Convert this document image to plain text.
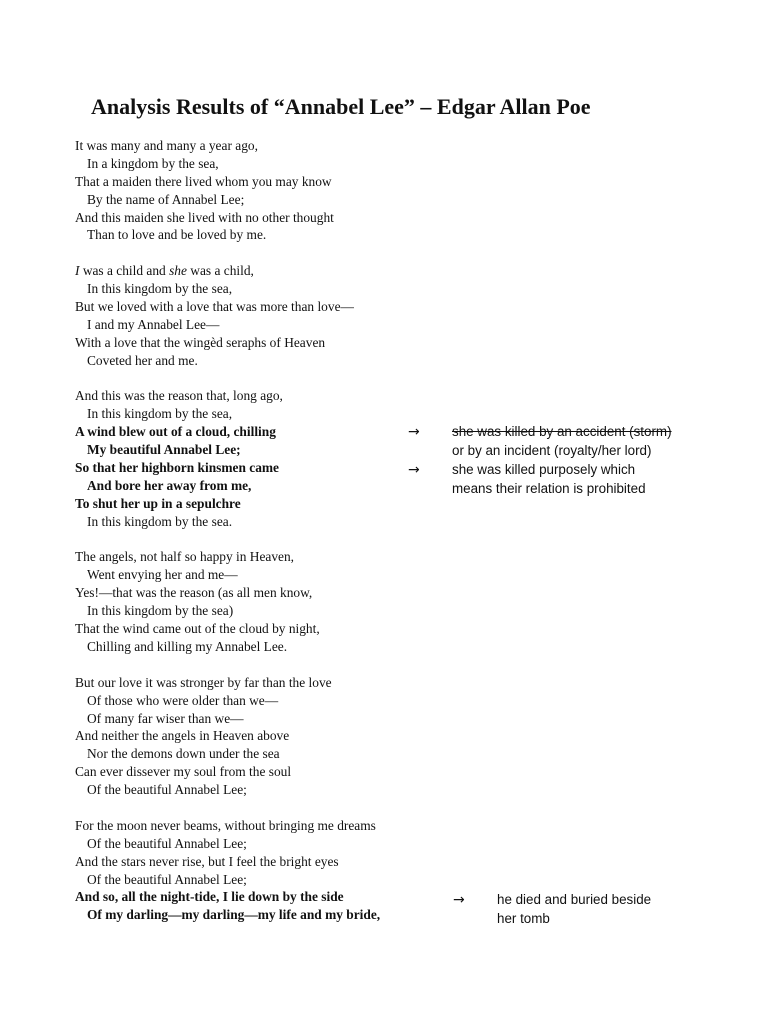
Analysis Results of “Annabel Lee” – Edgar Allan Poe
It was many and many a year ago,
In a kingdom by the sea,
That a maiden there lived whom you may know
By the name of Annabel Lee;
And this maiden she lived with no other thought
Than to love and be loved by me.
I was a child and she was a child,
In this kingdom by the sea,
But we loved with a love that was more than love—
I and my Annabel Lee—
With a love that the wingèd seraphs of Heaven
Coveted her and me.
And this was the reason that, long ago,
In this kingdom by the sea,
A wind blew out of a cloud, chilling
My beautiful Annabel Lee;
So that her highborn kinsmen came
And bore her away from me,
To shut her up in a sepulchre
In this kingdom by the sea.
The angels, not half so happy in Heaven,
Went envying her and me—
Yes!—that was the reason (as all men know,
In this kingdom by the sea)
That the wind came out of the cloud by night,
Chilling and killing my Annabel Lee.
But our love it was stronger by far than the love
Of those who were older than we—
Of many far wiser than we—
And neither the angels in Heaven above
Nor the demons down under the sea
Can ever dissever my soul from the soul
Of the beautiful Annabel Lee;
For the moon never beams, without bringing me dreams
Of the beautiful Annabel Lee;
And the stars never rise, but I feel the bright eyes
Of the beautiful Annabel Lee;
And so, all the night-tide, I lie down by the side
Of my darling—my darling—my life and my bride,
→ she was killed by an accident (storm)
or by an incident (royalty/her lord)
→ she was killed purposely which
means their relation is prohibited
→ he died and buried beside
her tomb
